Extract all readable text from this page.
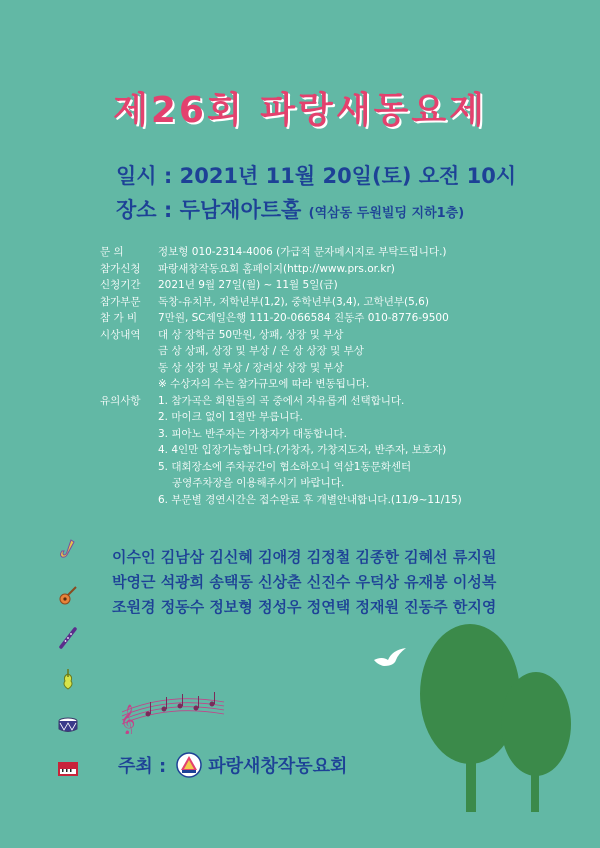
제26회 파랑새동요제
일시 : 2021년 11월 20일(토) 오전 10시
장소 : 두남재아트홀 (역삼동 두원빌딩 지하1층)
문 의	정보형 010-2314-4006 (가급적 문자메시지로 부탁드립니다.)
참가신청	파랑새창작동요회 홈페이지(http://www.prs.or.kr)
신청기간	2021년 9월 27일(월) ~ 11월 5일(금)
참가부문	독창-유치부, 저학년부(1,2), 중학년부(3,4), 고학년부(5,6)
참 가 비	7만원, SC제일은행 111-20-066584 진동주 010-8776-9500
시상내역	대 상 장학금 50만원, 상패, 상장 및 부상
금 상 상패, 상장 및 부상 / 은 상 상장 및 부상
동 상 상장 및 부상 / 장려상 상장 및 부상
※ 수상자의 수는 참가규모에 따라 변동됩니다.
유의사항	1. 참가곡은 회원들의 곡 중에서 자유롭게 선택합니다.
2. 마이크 없이 1절만 부릅니다.
3. 피아노 반주자는 가창자가 대동합니다.
4. 4인만 입장가능합니다.(가창자, 가창지도자, 반주자, 보호자)
5. 대회장소에 주차공간이 협소하오니 역삼1동문화센터
공영주차장을 이용해주시기 바랍니다.
6. 부문별 경연시간은 접수완료 후 개별안내합니다.(11/9~11/15)
이수인 김남삼 김신혜 김애경 김정철 김종한 김혜선 류지원
박영근 석광희 송택동 신상춘 신진수 우덕상 유재봉 이성복
조원경 정동수 정보형 정성우 정연택 정재원 진동주 한지영
𝄞
주최 : 파랑새창작동요회
